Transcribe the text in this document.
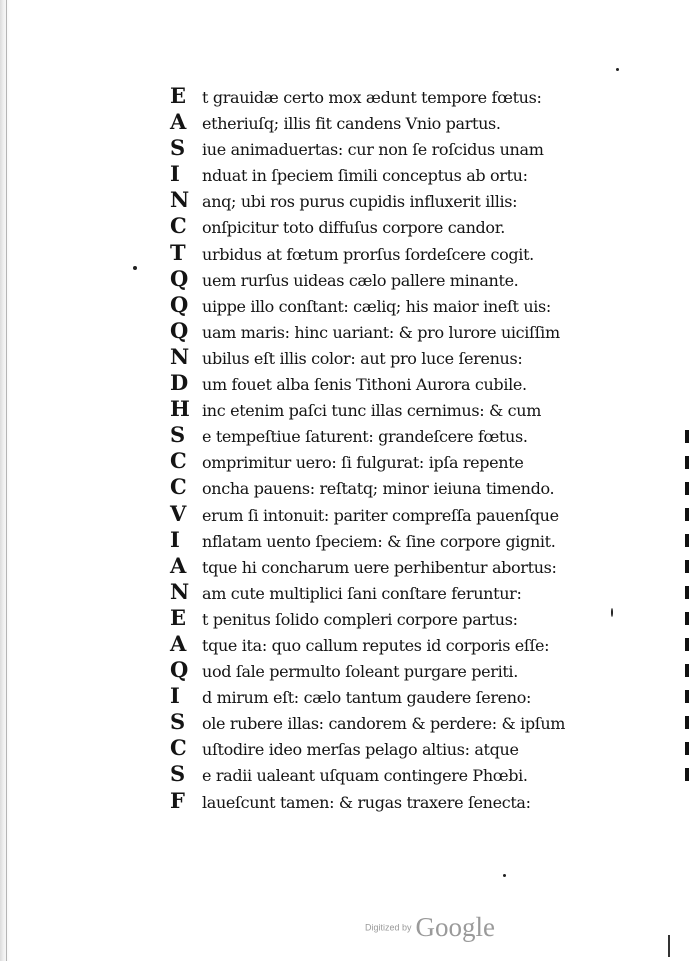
E t grauidæ certo mox ædunt tempore fœtus:
A etheriuſq; illis fit candens Vnio partus.
S iue animaduertas: cur non ſe roſcidus unam
I nduat in ſpeciem ſimili conceptus ab ortu:
N anq; ubi ros purus cupidis influxerit illis:
C onſpicitur toto diffuſus corpore candor.
T urbidus at fœtum prorſus ſordeſcere cogit.
Q uem rurſus uideas cælo pallere minante.
Q uippe illo conſtant: cæliq; his maior ineſt uis:
Q uam maris: hinc uariant: & pro lurore uiciſſim
N ubilus eſt illis color: aut pro luce ſerenus:
D um fouet alba ſenis Tithoni Aurora cubile.
H inc etenim paſci tunc illas cernimus: & cum
S e tempeſtiue ſaturent: grandeſcere fœtus.
C omprimitur uero: ſi fulgurat: ipſa repente
C oncha pauens: reſtatq; minor ieiuna timendo.
V erum ſi intonuit: pariter compreſſa pauenſque
I nflatam uento ſpeciem: & ſine corpore gignit.
A tque hi concharum uere perhibentur abortus:
N am cute multiplici ſani conſtare feruntur:
E t penitus ſolido compleri corpore partus:
A tque ita: quo callum reputes id corporis eſſe:
Q uod ſale permulto ſoleant purgare periti.
I d mirum eſt: cælo tantum gaudere ſereno:
S ole rubere illas: candorem & perdere: & ipſum
C uſtodire ideo merſas pelago altius: atque
S e radii ualeant uſquam contingere Phœbi.
F laueſcunt tamen: & rugas traxere ſenecta:
Digitized by Google
